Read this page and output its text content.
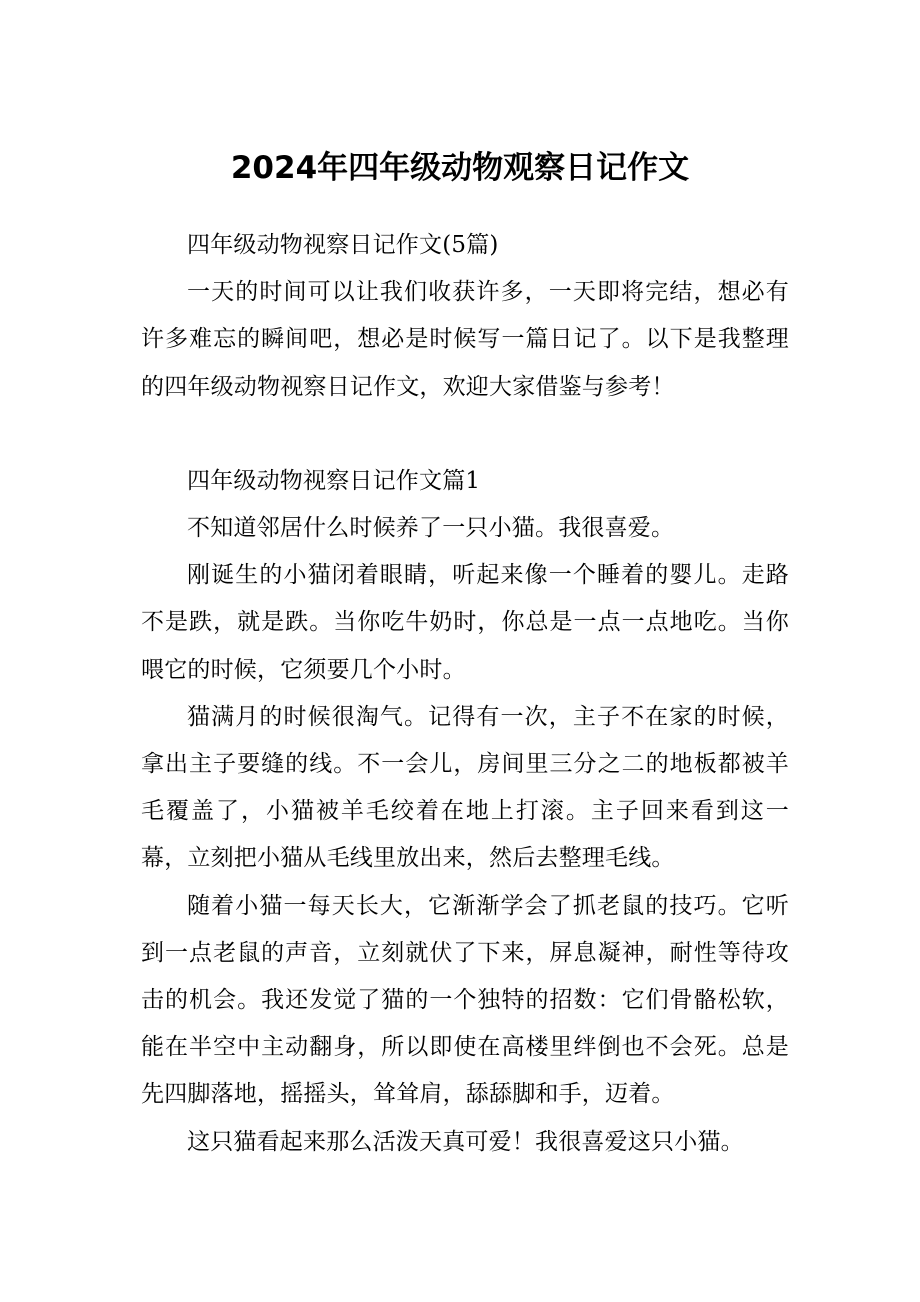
2024年四年级动物观察日记作文

四年级动物视察日记作文(5篇)

一天的时间可以让我们收获许多，一天即将完结，想必有许多难忘的瞬间吧，想必是时候写一篇日记了。以下是我整理的四年级动物视察日记作文，欢迎大家借鉴与参考！

四年级动物视察日记作文篇1

不知道邻居什么时候养了一只小猫。我很喜爱。

刚诞生的小猫闭着眼睛，听起来像一个睡着的婴儿。走路不是跌，就是跌。当你吃牛奶时，你总是一点一点地吃。当你喂它的时候，它须要几个小时。

猫满月的时候很淘气。记得有一次，主子不在家的时候，拿出主子要缝的线。不一会儿，房间里三分之二的地板都被羊毛覆盖了，小猫被羊毛绞着在地上打滚。主子回来看到这一幕，立刻把小猫从毛线里放出来，然后去整理毛线。

随着小猫一每天长大，它渐渐学会了抓老鼠的技巧。它听到一点老鼠的声音，立刻就伏了下来，屏息凝神，耐性等待攻击的机会。我还发觉了猫的一个独特的招数：它们骨骼松软，能在半空中主动翻身，所以即使在高楼里绊倒也不会死。总是先四脚落地，摇摇头，耸耸肩，舔舔脚和手，迈着。

这只猫看起来那么活泼天真可爱！我很喜爱这只小猫。
